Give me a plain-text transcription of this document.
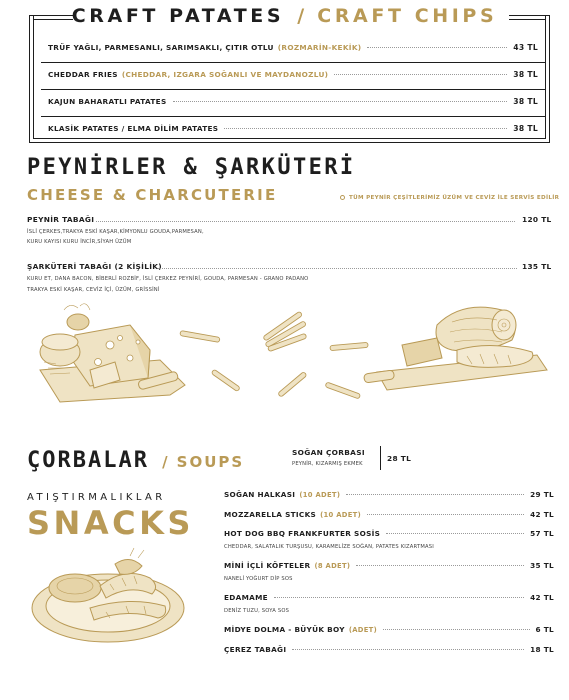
CRAFT PATATES / CRAFT CHIPS
TRÜF YAĞLI, PARMESANLI, SARIMSAKLI, ÇITIR OTLU (ROZMARİN-KEKİK)	43 TL
CHEDDAR FRIES (CHEDDAR, IZGARA SOĞANLI VE MAYDANOZLU)	38 TL
KAJUN BAHARATLI PATATES	38 TL
KLASİK PATATES / ELMA DİLİM PATATES	38 TL
PEYNİRLER & ŞARKÜTERİ
CHEESE & CHARCUTERIE	TÜM PEYNİR ÇEŞİTLERİMİZ ÜZÜM VE CEVİZ İLE SERVİS EDİLİR
PEYNİR TABAĞI	120 TL
İSLİ ÇERKES,TRAKYA ESKİ KAŞAR,KİMYONLU GOUDA,PARMESAN,
KURU KAYISI KURU İNCİR,SİYAH ÜZÜM
ŞARKÜTERİ TABAĞI (2 KİŞİLİK)	135 TL
KURU ET, DANA BACON, BİBERLİ ROZBİF, İSLİ ÇERKEZ PEYNİRİ, GOUDA, PARMESAN - GRANO PADANO
TRAKYA ESKİ KAŞAR, CEVİZ İÇİ, ÜZÜM, GRİSSİNİ
ÇORBALAR / SOUPS
SOĞAN ÇORBASI
PEYNİR, KIZARMIŞ EKMEK
28 TL
ATIŞTIRMALIKLAR
SNACKS
SOĞAN HALKASI (10 ADET)	29 TL
MOZZARELLA STICKS (10 ADET)	42 TL
HOT DOG BBQ FRANKFURTER SOSİS	57 TL
CHEDDAR, SALATALIK TURŞUSU, KARAMELİZE SOĞAN, PATATES KIZARTMASI
MİNİ İÇLİ KÖFTELER (8 ADET)	35 TL
NANELİ YOĞURT DİP SOS
EDAMAME	42 TL
DENİZ TUZU, SOYA SOS
MİDYE DOLMA - BÜYÜK BOY (ADET)	6 TL
ÇEREZ TABAĞI	18 TL
